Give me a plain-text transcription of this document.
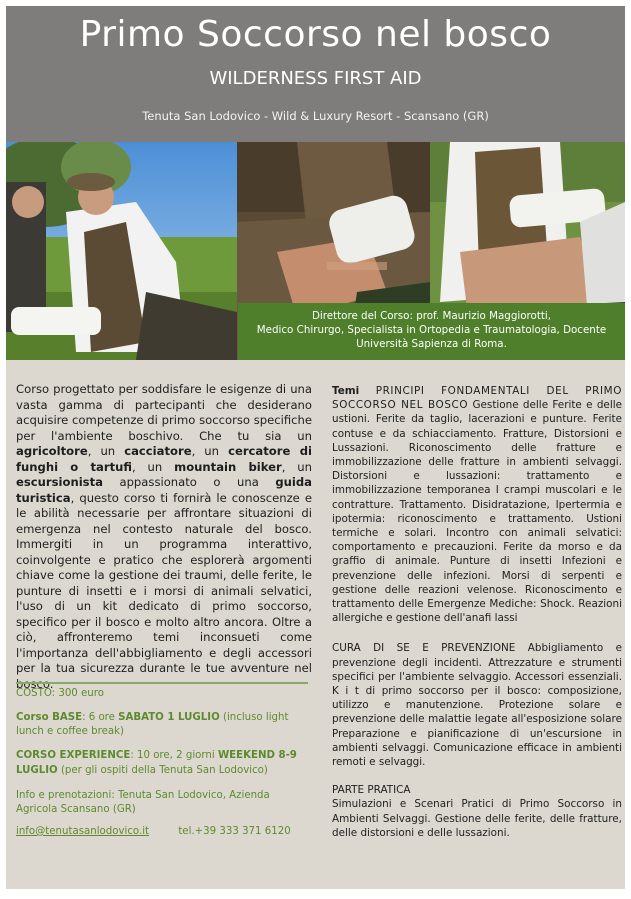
Primo Soccorso nel bosco
WILDERNESS FIRST AID
Tenuta San Lodovico - Wild & Luxury Resort - Scansano (GR)
Direttore del Corso: prof. Maurizio Maggiorotti,
Medico Chirurgo, Specialista in Ortopedia e Traumatologia, Docente
Università Sapienza di Roma.
Corso progettato per soddisfare le esigenze di una vasta gamma di partecipanti che desiderano acquisire competenze di primo soccorso specifiche per l'ambiente boschivo. Che tu sia un agricoltore, un cacciatore, un cercatore di funghi o tartufi, un mountain biker, un escursionista appassionato o una guida turistica, questo corso ti fornirà le conoscenze e le abilità necessarie per affrontare situazioni di emergenza nel contesto naturale del bosco. Immergiti in un programma interattivo, coinvolgente e pratico che esplorerà argomenti chiave come la gestione dei traumi, delle ferite, le punture di insetti e i morsi di animali selvatici, l'uso di un kit dedicato di primo soccorso, specifico per il bosco e molto altro ancora. Oltre a ciò, affronteremo temi inconsueti come l'importanza dell'abbigliamento e degli accessori per la tua sicurezza durante le tue avventure nel
COSTO: 300 euro
Corso BASE: 6 ore SABATO 1 LUGLIO (incluso light lunch e coffee break)
CORSO EXPERIENCE: 10 ore, 2 giorni WEEKEND 8-9 LUGLIO (per gli ospiti della Tenuta San Lodovico)
Info e prenotazioni: Tenuta San Lodovico, Azienda Agricola Scansano (GR)
info@tenutasanlodovico.it	tel.+39 333 371 6120
Temi PRINCIPI FONDAMENTALI DEL PRIMO SOCCORSO NEL BOSCO Gestione delle Ferite e delle ustioni. Ferite da taglio, lacerazioni e punture. Ferite contuse e da schiacciamento. Fratture, Distorsioni e Lussazioni. Riconoscimento delle fratture e immobilizzazione delle fratture in ambienti selvaggi. Distorsioni e lussazioni: trattamento e immobilizzazione temporanea I crampi muscolari e le contratture. Trattamento. Disidratazione, Ipertermia e ipotermia: riconoscimento e trattamento. Ustioni termiche e solari. Incontro con animali selvatici: comportamento e precauzioni. Ferite da morso e da graffio di animale. Punture di insetti Infezioni e prevenzione delle infezioni. Morsi di serpenti e gestione delle reazioni velenose. Riconoscimento e trattamento delle Emergenze Mediche: Shock. Reazioni allergiche e gestione dell'anafi lassi
CURA DI SE E PREVENZIONE Abbigliamento e prevenzione degli incidenti. Attrezzature e strumenti specifici per l'ambiente selvaggio. Accessori essenziali. K i t di primo soccorso per il bosco: composizione, utilizzo e manutenzione. Protezione solare e prevenzione delle malattie legate all'esposizione solare Preparazione e pianificazione di un'escursione in ambienti selvaggi. Comunicazione efficace in ambienti remoti e selvaggi.
PARTE PRATICA
Simulazioni e Scenari Pratici di Primo Soccorso in Ambienti Selvaggi. Gestione delle ferite, delle fratture, delle distorsioni e delle lussazioni.
